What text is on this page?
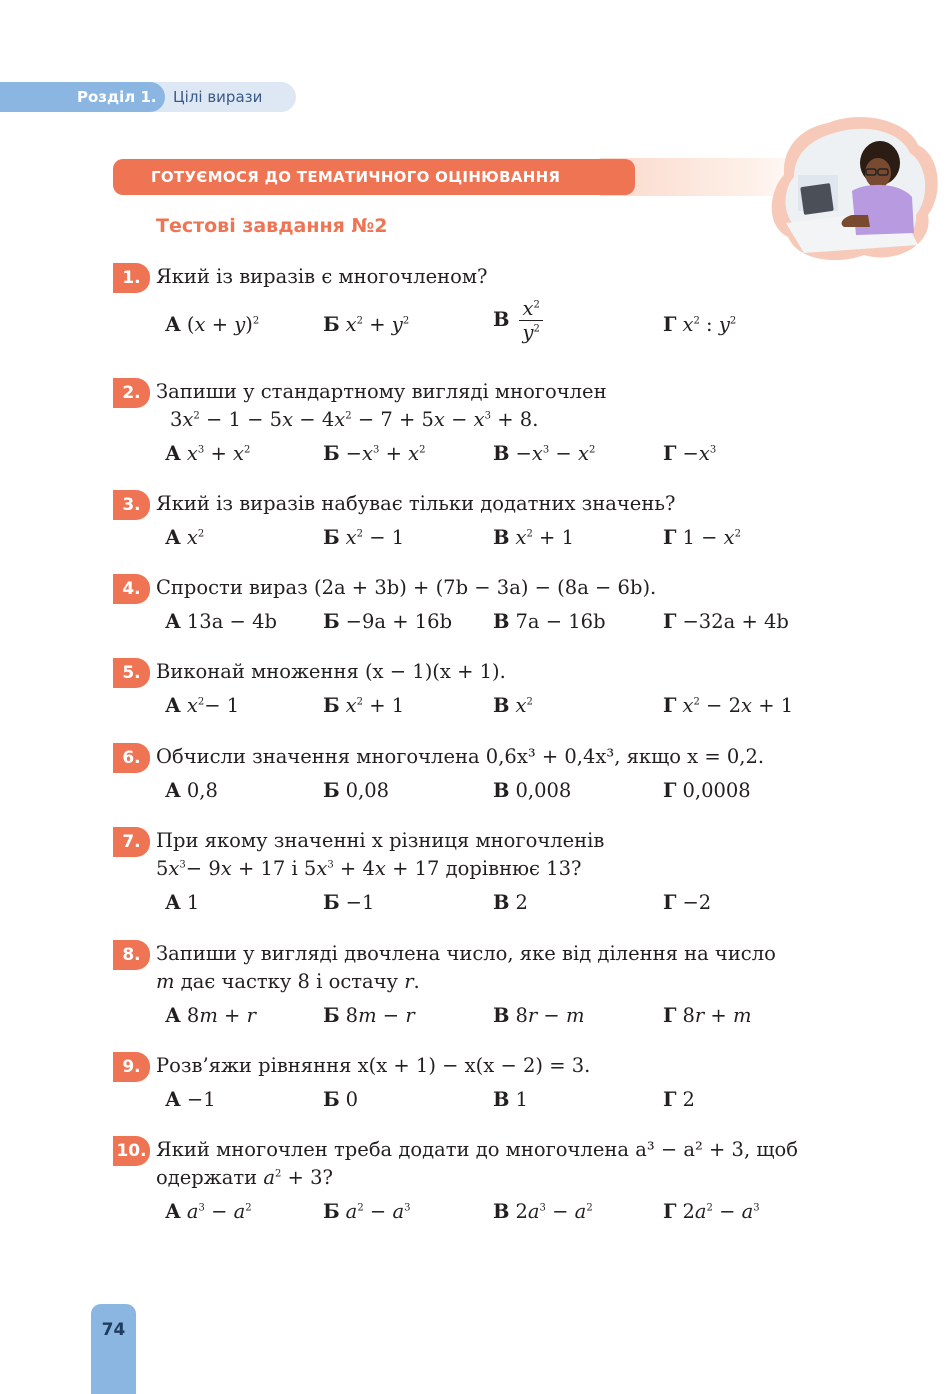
Розділ 1. Цілі вирази
ГОТУЄМОСЯ ДО ТЕМАТИЧНОГО ОЦІНЮВАННЯ
Тестові завдання №2
1. Який із виразів є многочленом?
А $(x + y)^2$	Б $x^2 + y^2$	В $\frac{x^2}{y^2}$	Г $x^2$ : $y^2$
2. Запиши у стандартному вигляді многочлен
$3x^2 - 1 - 5x - 4x^2 - 7 + 5x - x^3 + 8$.
А $x^3 + x^2$	$Б -x^3 + x^2$	$В -x^3 - x^2$	$Г -x^3$
3. Який із виразів набуває тільки додатних значень?
А $x^2$	Б $x^2 - 1$	В $x^2 + 1$	Г $1 - x^2$
4. Спрости вираз (2a + 3b) + (7b − 3a) − (8a − 6b).
А 13a − 4b Б −9a + 16b В 7a − 16b	Г −32a + 4b
5. Виконай множення (x − 1)(x + 1).
А $x^2- 1$	Б $x^2 + 1$	В $x^2$	Г $x^2 - 2x + 1$
6. Обчисли значення многочлена 0,6x³ + 0,4x³, якщо x = 0,2.
А 0,8	Б 0,08	В 0,008	Г 0,0008
7. При якому значенні x різниця многочленів
$5x^3- 9x + 17$ і $5x^3 + 4x + 17$ дорівнює 13?
А 1	Б −1	В 2	Г −2
8. Запиши у вигляді двочлена число, яке від ділення на число
m дає частку 8 і остачу r.
А 8m + r	Б 8m − r	В 8r − m	Г 8r + m
9. Розв’яжи рівняння x(x + 1) − x(x − 2) = 3.
А −1	Б 0	В 1	Г 2
10. Який многочлен треба додати до многочлена a³ − a² + 3, щоб
одержати $a^2 + 3$?
А $a^3 - a^2$	Б $a^2 - a^3$	В $2a^3 - a^2$	Г $2a^2 - a^3$
74
